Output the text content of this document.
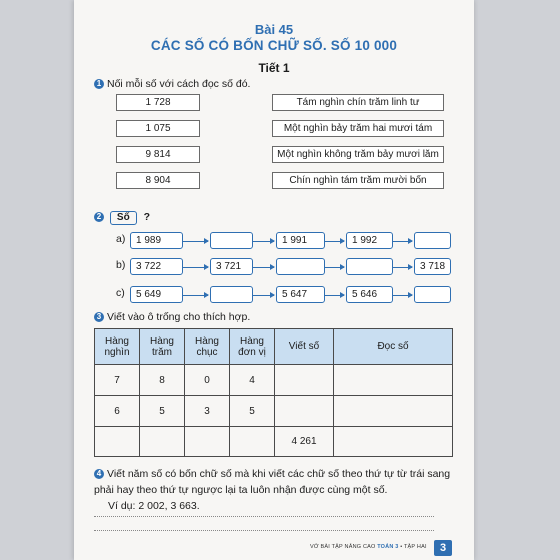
Bài 45
CÁC SỐ CÓ BỐN CHỮ SỐ. SỐ 10 000
Tiết 1
1 Nối mỗi số với cách đọc số đó.
1 728
1 075
9 814
8 904
Tám nghìn chín trăm linh tư
Một nghìn bảy trăm hai mươi tám
Một nghìn không trăm bảy mươi lăm
Chín nghìn tám trăm mười bốn
2 Số ?
a)	1 989	1 991	1 992
b)	3 722	3 721	3 718
c)	5 649	5 647	5 646
3 Viết vào ô trống cho thích hợp.
Hàng nghìn	Hàng trăm	Hàng chục	Hàng đơn vị	Viết số	Đọc số
7	8	0	4		
6	5	3	5		
				4 261	
4 Viết năm số có bốn chữ số mà khi viết các chữ số theo thứ tự từ trái sang
phải hay theo thứ tự ngược lại ta luôn nhận được cùng một số.
Ví dụ: 2 002, 3 663.
VỞ BÀI TẬP NÂNG CAO TOÁN 3 • TẬP HAI	3
